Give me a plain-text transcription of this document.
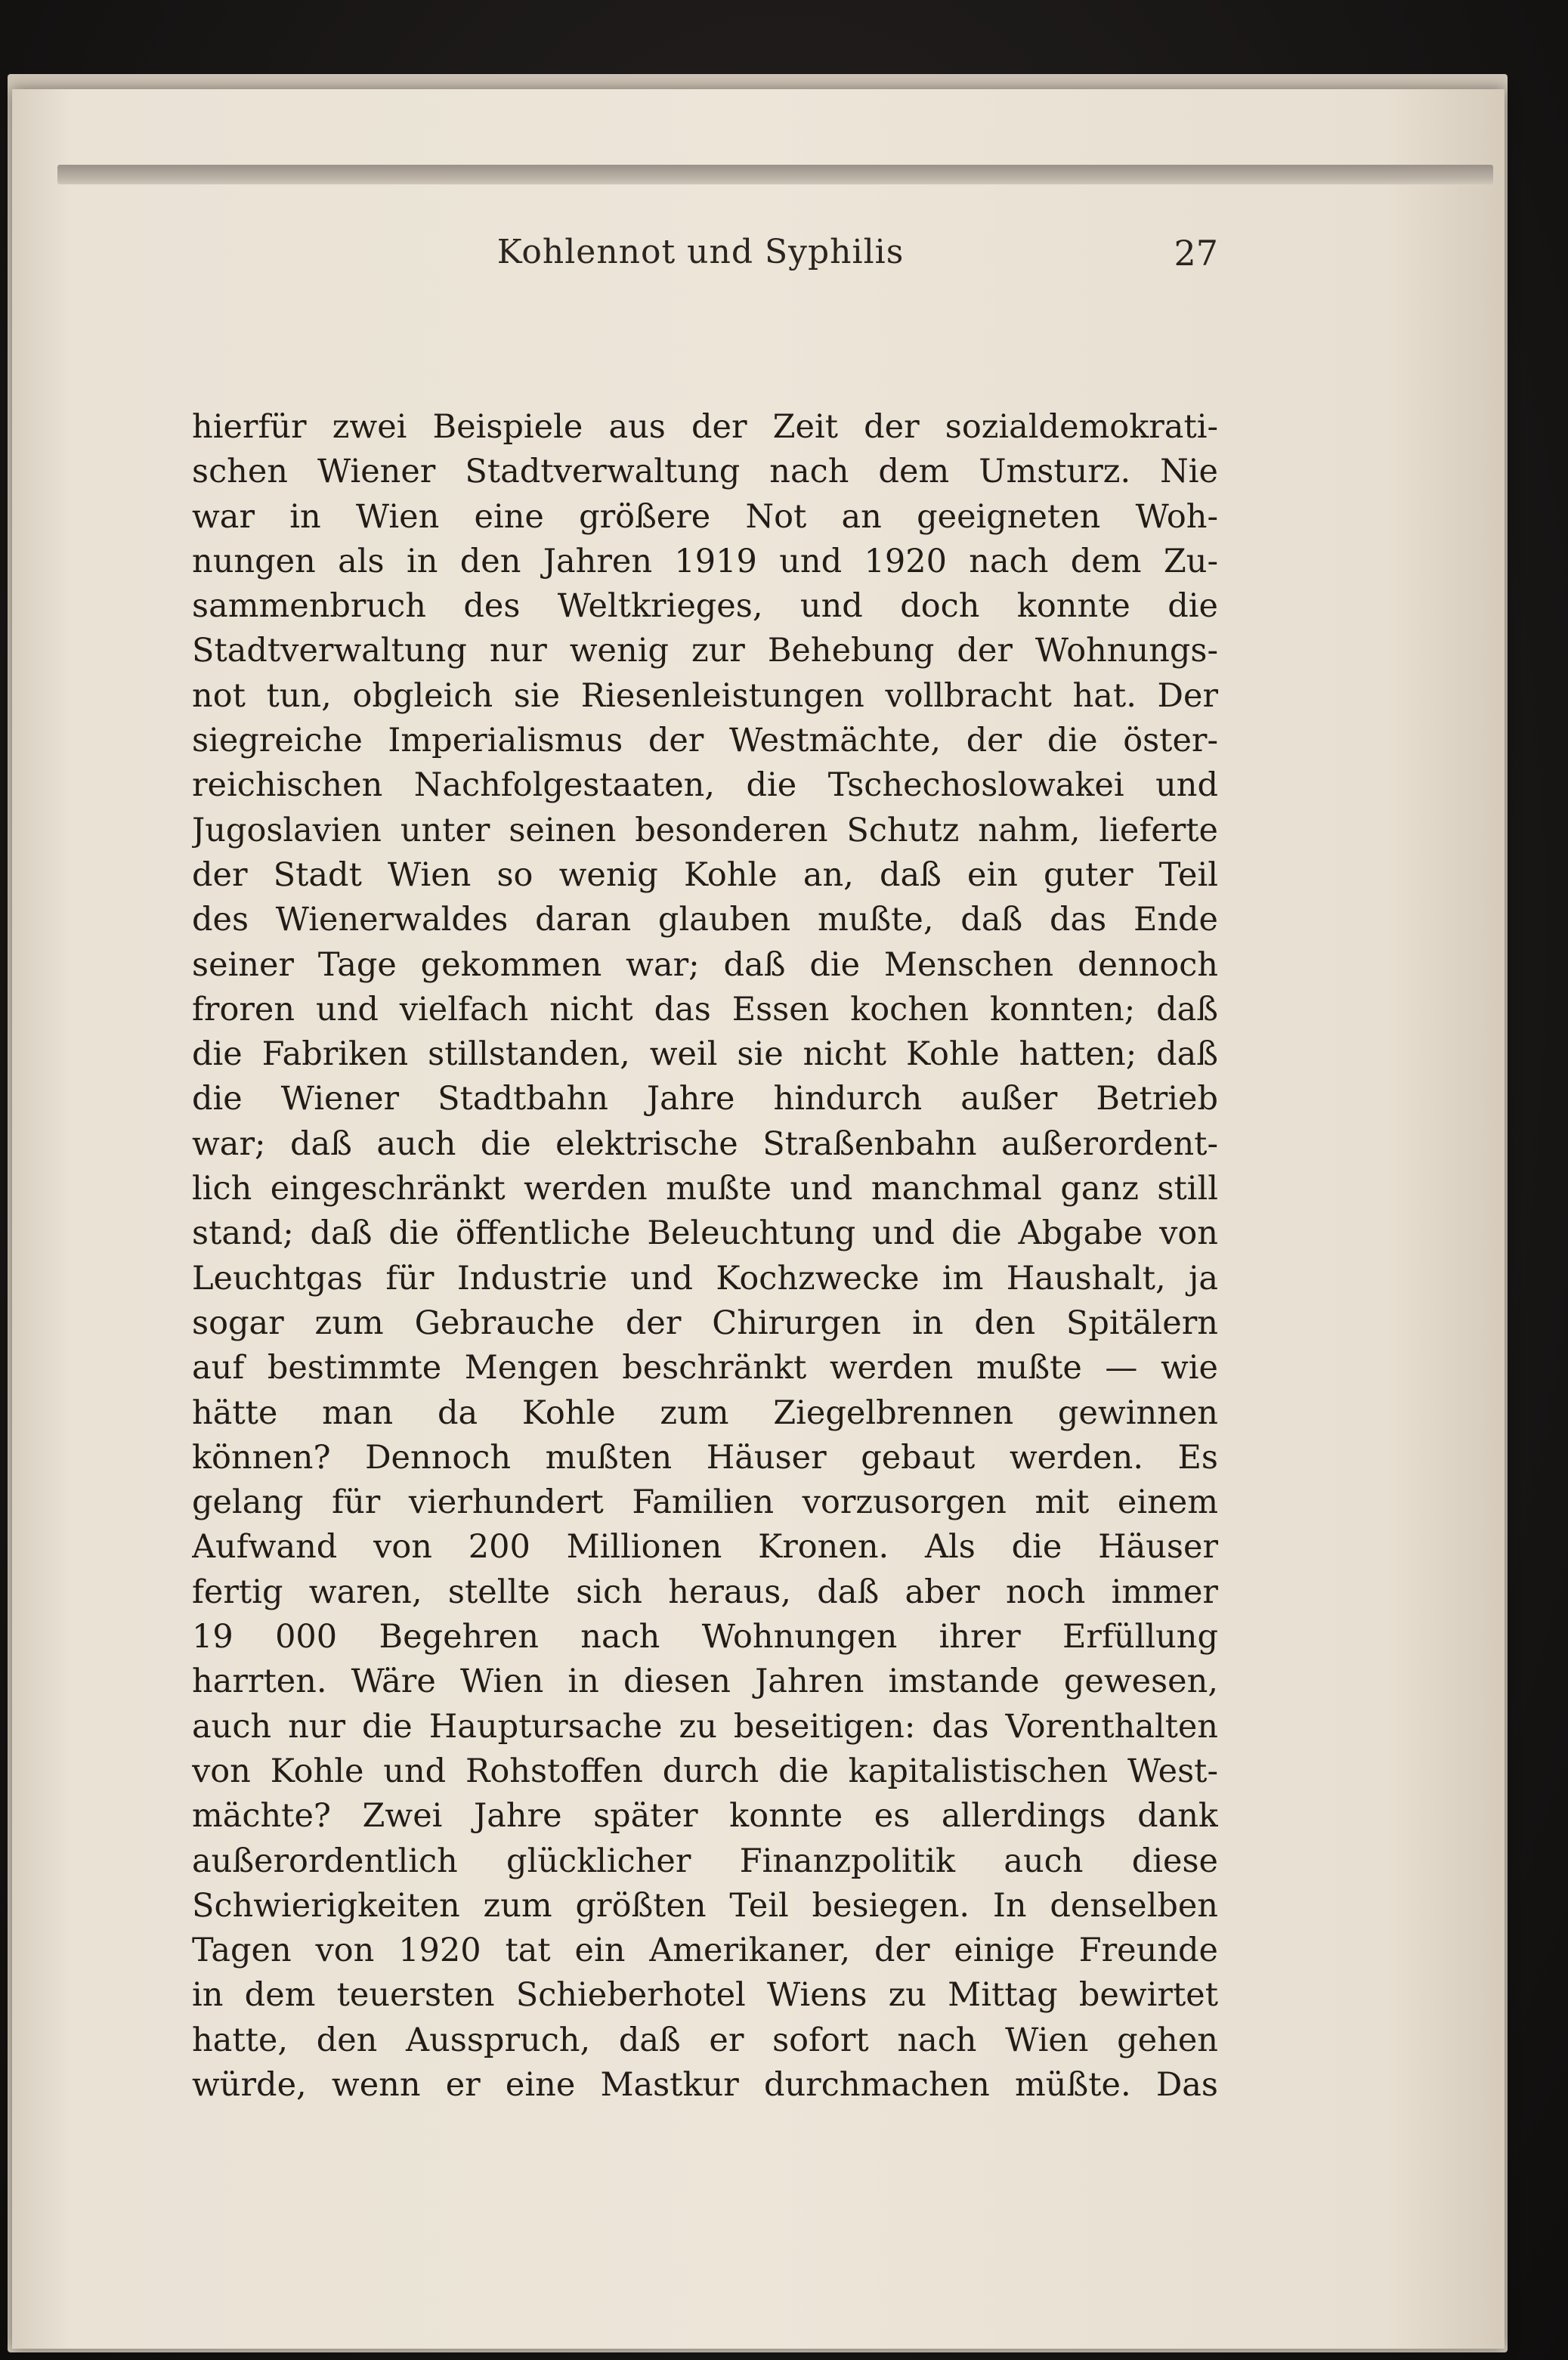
Kohlennot und Syphilis	27
hierfür zwei Beispiele aus der Zeit der sozialdemokrati-
schen Wiener Stadtverwaltung nach dem Umsturz. Nie
war in Wien eine größere Not an geeigneten Woh-
nungen als in den Jahren 1919 und 1920 nach dem Zu-
sammenbruch des Weltkrieges, und doch konnte die
Stadtverwaltung nur wenig zur Behebung der Wohnungs-
not tun, obgleich sie Riesenleistungen vollbracht hat. Der
siegreiche Imperialismus der Westmächte, der die öster-
reichischen Nachfolgestaaten, die Tschechoslowakei und
Jugoslavien unter seinen besonderen Schutz nahm, lieferte
der Stadt Wien so wenig Kohle an, daß ein guter Teil
des Wienerwaldes daran glauben mußte, daß das Ende
seiner Tage gekommen war; daß die Menschen dennoch
froren und vielfach nicht das Essen kochen konnten; daß
die Fabriken stillstanden, weil sie nicht Kohle hatten; daß
die Wiener Stadtbahn Jahre hindurch außer Betrieb
war; daß auch die elektrische Straßenbahn außerordent-
lich eingeschränkt werden mußte und manchmal ganz still
stand; daß die öffentliche Beleuchtung und die Abgabe von
Leuchtgas für Industrie und Kochzwecke im Haushalt, ja
sogar zum Gebrauche der Chirurgen in den Spitälern
auf bestimmte Mengen beschränkt werden mußte — wie
hätte man da Kohle zum Ziegelbrennen gewinnen
können? Dennoch mußten Häuser gebaut werden. Es
gelang für vierhundert Familien vorzusorgen mit einem
Aufwand von 200 Millionen Kronen. Als die Häuser
fertig waren, stellte sich heraus, daß aber noch immer
19 000 Begehren nach Wohnungen ihrer Erfüllung
harrten. Wäre Wien in diesen Jahren imstande gewesen,
auch nur die Hauptursache zu beseitigen: das Vorenthalten
von Kohle und Rohstoffen durch die kapitalistischen West-
mächte? Zwei Jahre später konnte es allerdings dank
außerordentlich glücklicher Finanzpolitik auch diese
Schwierigkeiten zum größten Teil besiegen. In denselben
Tagen von 1920 tat ein Amerikaner, der einige Freunde
in dem teuersten Schieberhotel Wiens zu Mittag bewirtet
hatte, den Ausspruch, daß er sofort nach Wien gehen
würde, wenn er eine Mastkur durchmachen müßte. Das
